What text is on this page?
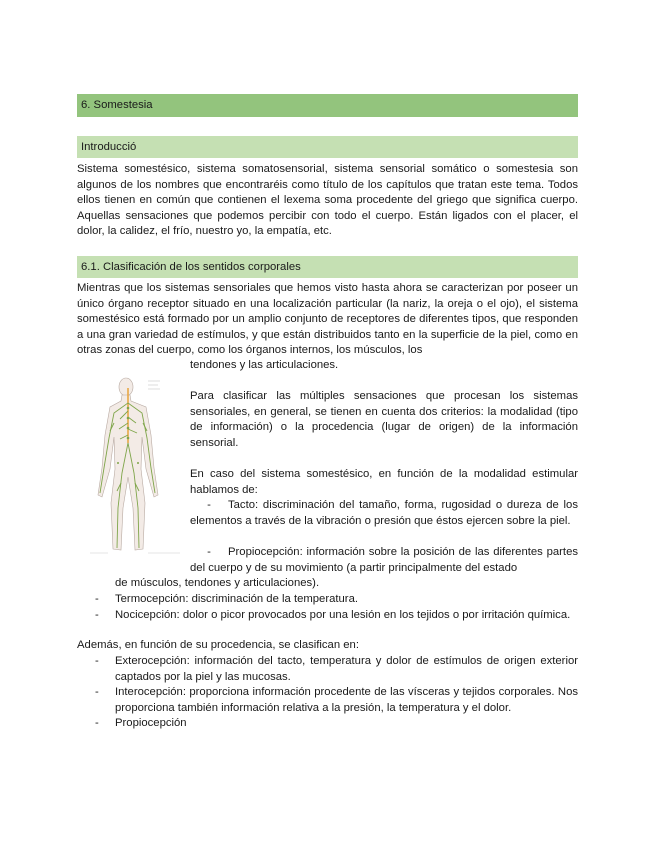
6. Somestesia
Introducció

Sistema somestésico, sistema somatosensorial, sistema sensorial somático o somestesia son algunos de los nombres que encontraréis como título de los capítulos que tratan este tema. Todos ellos tienen en común que contienen el lexema soma procedente del griego que significa cuerpo. Aquellas sensaciones que podemos percibir con todo el cuerpo. Están ligados con el placer, el dolor, la calidez, el frío, nuestro yo, la empatía, etc.

6.1. Clasificación de los sentidos corporales

Mientras que los sistemas sensoriales que hemos visto hasta ahora se caracterizan por poseer un único órgano receptor situado en una localización particular (la nariz, la oreja o el ojo), el sistema somestésico está formado por un amplio conjunto de receptores de diferentes tipos, que responden a una gran variedad de estímulos, y que están distribuidos tanto en la superficie de la piel, como en otras zonas del cuerpo, como los órganos internos, los músculos, los

tendones y las articulaciones.

Para clasificar las múltiples sensaciones que procesan los sistemas sensoriales, en general, se tienen en cuenta dos criterios: la modalidad (tipo de información) o la procedencia (lugar de origen) de la información sensorial.

En caso del sistema somestésico, en función de la modalidad estimular hablamos de:

- Tacto: discriminación del tamaño, forma, rugosidad o dureza de los elementos a través de la vibración o presión que éstos ejercen sobre la piel.

- Propiocepción: información sobre la posición de las diferentes partes del cuerpo y de su movimiento (a partir principalmente del estado

de músculos, tendones y articulaciones).

- Termocepción: discriminación de la temperatura.
- Nocicepción: dolor o picor provocados por una lesión en los tejidos o por irritación química.

Además, en función de su procedencia, se clasifican en:

- Exterocepción: información del tacto, temperatura y dolor de estímulos de origen exterior captados por la piel y las mucosas.
- Interocepción: proporciona información procedente de las vísceras y tejidos corporales. Nos proporciona también información relativa a la presión, la temperatura y el dolor.
- Propiocepción
